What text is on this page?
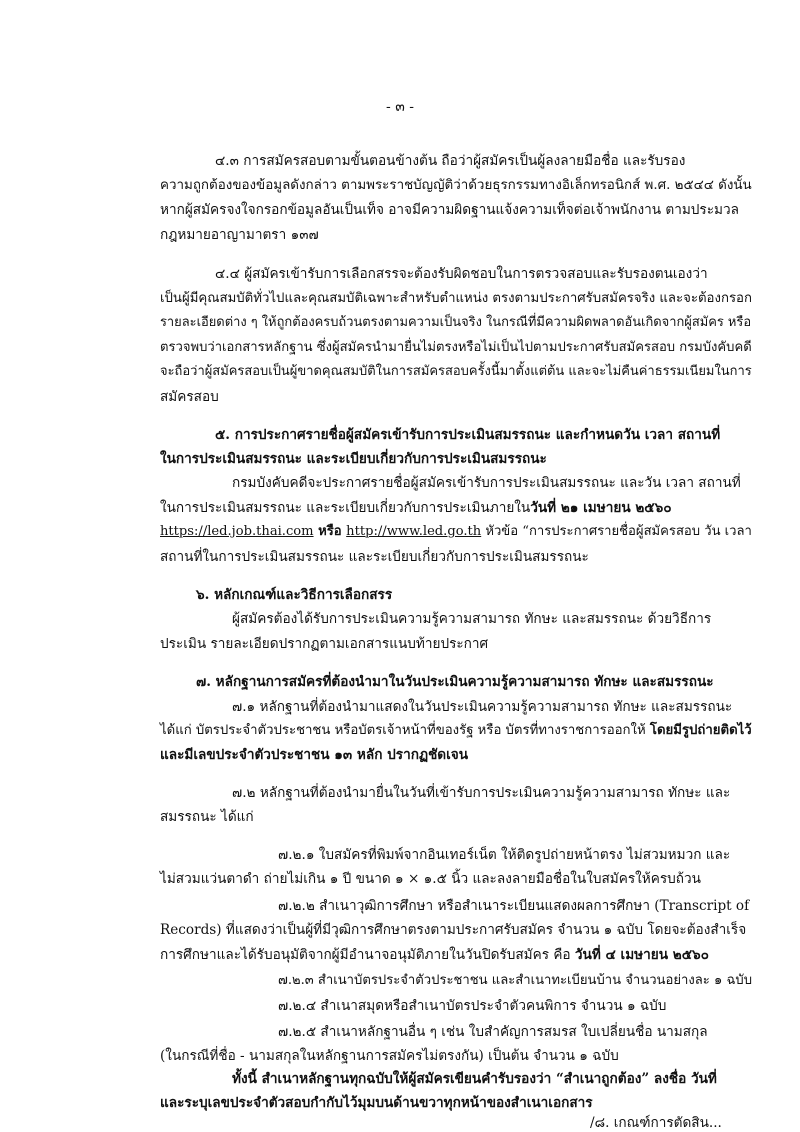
- ๓ -
๔.๓ การสมัครสอบตามขั้นตอนข้างต้น ถือว่าผู้สมัครเป็นผู้ลงลายมือชื่อ และรับรอง
ความถูกต้องของข้อมูลดังกล่าว ตามพระราชบัญญัติว่าด้วยธุรกรรมทางอิเล็กทรอนิกส์ พ.ศ. ๒๕๔๔ ดังนั้น
หากผู้สมัครจงใจกรอกข้อมูลอันเป็นเท็จ อาจมีความผิดฐานแจ้งความเท็จต่อเจ้าพนักงาน ตามประมวล
กฎหมายอาญามาตรา ๑๓๗
๔.๔ ผู้สมัครเข้ารับการเลือกสรรจะต้องรับผิดชอบในการตรวจสอบและรับรองตนเองว่า
เป็นผู้มีคุณสมบัติทั่วไปและคุณสมบัติเฉพาะสำหรับตำแหน่ง ตรงตามประกาศรับสมัครจริง และจะต้องกรอก
รายละเอียดต่าง ๆ ให้ถูกต้องครบถ้วนตรงตามความเป็นจริง ในกรณีที่มีความผิดพลาดอันเกิดจากผู้สมัคร หรือ
ตรวจพบว่าเอกสารหลักฐาน ซึ่งผู้สมัครนำมายื่นไม่ตรงหรือไม่เป็นไปตามประกาศรับสมัครสอบ กรมบังคับคดี
จะถือว่าผู้สมัครสอบเป็นผู้ขาดคุณสมบัติในการสมัครสอบครั้งนี้มาตั้งแต่ต้น และจะไม่คืนค่าธรรมเนียมในการ
สมัครสอบ
๕. การประกาศรายชื่อผู้สมัครเข้ารับการประเมินสมรรถนะ และกำหนดวัน เวลา สถานที่
ในการประเมินสมรรถนะ และระเบียบเกี่ยวกับการประเมินสมรรถนะ
กรมบังคับคดีจะประกาศรายชื่อผู้สมัครเข้ารับการประเมินสมรรถนะ และวัน เวลา สถานที่
ในการประเมินสมรรถนะ และระเบียบเกี่ยวกับการประเมินภายในวันที่ ๒๑ เมษายน ๒๕๖๐
https://led.job.thai.com หรือ http://www.led.go.th หัวข้อ “การประกาศรายชื่อผู้สมัครสอบ วัน เวลา
สถานที่ในการประเมินสมรรถนะ และระเบียบเกี่ยวกับการประเมินสมรรถนะ
๖. หลักเกณฑ์และวิธีการเลือกสรร
ผู้สมัครต้องได้รับการประเมินความรู้ความสามารถ ทักษะ และสมรรถนะ ด้วยวิธีการ
ประเมิน รายละเอียดปรากฏตามเอกสารแนบท้ายประกาศ
๗. หลักฐานการสมัครที่ต้องนำมาในวันประเมินความรู้ความสามารถ ทักษะ และสมรรถนะ
๗.๑ หลักฐานที่ต้องนำมาแสดงในวันประเมินความรู้ความสามารถ ทักษะ และสมรรถนะ
ได้แก่ บัตรประจำตัวประชาชน หรือบัตรเจ้าหน้าที่ของรัฐ หรือ บัตรที่ทางราชการออกให้ โดยมีรูปถ่ายติดไว้
และมีเลขประจำตัวประชาชน ๑๓ หลัก ปรากฏชัดเจน
๗.๒ หลักฐานที่ต้องนำมายื่นในวันที่เข้ารับการประเมินความรู้ความสามารถ ทักษะ และ
สมรรถนะ ได้แก่
๗.๒.๑ ใบสมัครที่พิมพ์จากอินเทอร์เน็ต ให้ติดรูปถ่ายหน้าตรง ไม่สวมหมวก และ
ไม่สวมแว่นตาดำ ถ่ายไม่เกิน ๑ ปี ขนาด ๑ × ๑.๕ นิ้ว และลงลายมือชื่อในใบสมัครให้ครบถ้วน
๗.๒.๒ สำเนาวุฒิการศึกษา หรือสำเนาระเบียนแสดงผลการศึกษา (Transcript of
Records) ที่แสดงว่าเป็นผู้ที่มีวุฒิการศึกษาตรงตามประกาศรับสมัคร จำนวน ๑ ฉบับ โดยจะต้องสำเร็จ
การศึกษาและได้รับอนุมัติจากผู้มีอำนาจอนุมัติภายในวันปิดรับสมัคร คือ วันที่ ๔ เมษายน ๒๕๖๐
๗.๒.๓ สำเนาบัตรประจำตัวประชาชน และสำเนาทะเบียนบ้าน จำนวนอย่างละ ๑ ฉบับ
๗.๒.๔ สำเนาสมุดหรือสำเนาบัตรประจำตัวคนพิการ จำนวน ๑ ฉบับ
๗.๒.๕ สำเนาหลักฐานอื่น ๆ เช่น ใบสำคัญการสมรส ใบเปลี่ยนชื่อ นามสกุล
(ในกรณีที่ชื่อ - นามสกุลในหลักฐานการสมัครไม่ตรงกัน) เป็นต้น จำนวน ๑ ฉบับ
ทั้งนี้ สำเนาหลักฐานทุกฉบับให้ผู้สมัครเขียนคำรับรองว่า “สำเนาถูกต้อง” ลงชื่อ วันที่
และระบุเลขประจำตัวสอบกำกับไว้มุมบนด้านขวาทุกหน้าของสำเนาเอกสาร
/๘. เกณฑ์การตัดสิน...
